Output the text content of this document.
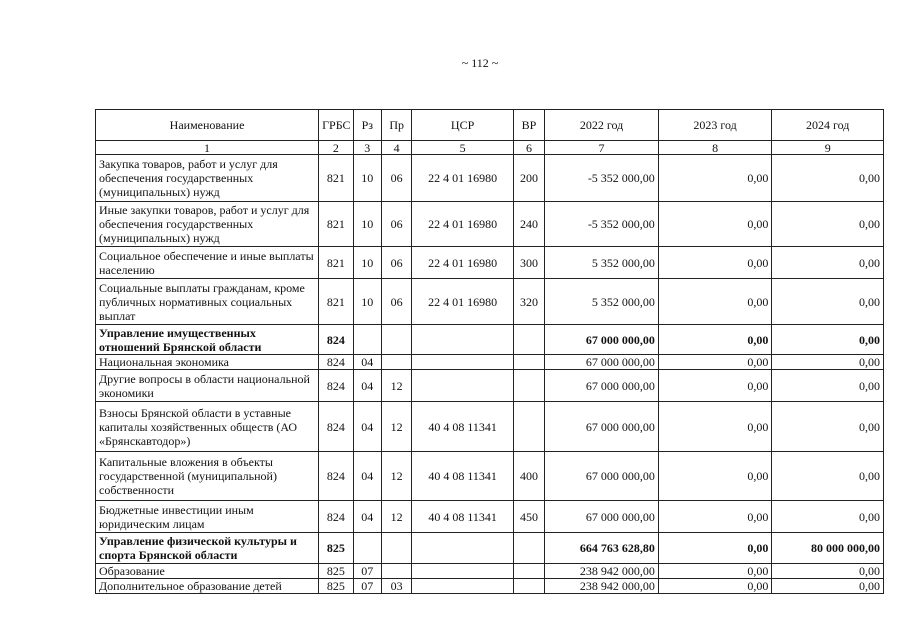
~ 112 ~
Наименование	ГРБС	Рз	Пр	ЦСР	ВР	2022 год	2023 год	2024 год
1	2	3	4	5	6	7	8	9
Закупка товаров, работ и услуг для обеспечения государственных (муниципальных) нужд	821	10	06	22 4 01 16980	200	-5 352 000,00	0,00	0,00
Иные закупки товаров, работ и услуг для обеспечения государственных (муниципальных) нужд	821	10	06	22 4 01 16980	240	-5 352 000,00	0,00	0,00
Социальное обеспечение и иные выплаты населению	821	10	06	22 4 01 16980	300	5 352 000,00	0,00	0,00
Социальные выплаты гражданам, кроме публичных нормативных социальных выплат	821	10	06	22 4 01 16980	320	5 352 000,00	0,00	0,00
Управление имущественных отношений Брянской области	824					67 000 000,00	0,00	0,00
Национальная экономика	824	04				67 000 000,00	0,00	0,00
Другие вопросы в области национальной экономики	824	04	12			67 000 000,00	0,00	0,00
Взносы Брянской области в уставные капиталы хозяйственных обществ (АО «Брянскавтодор»)	824	04	12	40 4 08 11341		67 000 000,00	0,00	0,00
Капитальные вложения в объекты государственной (муниципальной) собственности	824	04	12	40 4 08 11341	400	67 000 000,00	0,00	0,00
Бюджетные инвестиции иным юридическим лицам	824	04	12	40 4 08 11341	450	67 000 000,00	0,00	0,00
Управление физической культуры и спорта Брянской области	825					664 763 628,80	0,00	80 000 000,00
Образование	825	07				238 942 000,00	0,00	0,00
Дополнительное образование детей	825	07	03			238 942 000,00	0,00	0,00
